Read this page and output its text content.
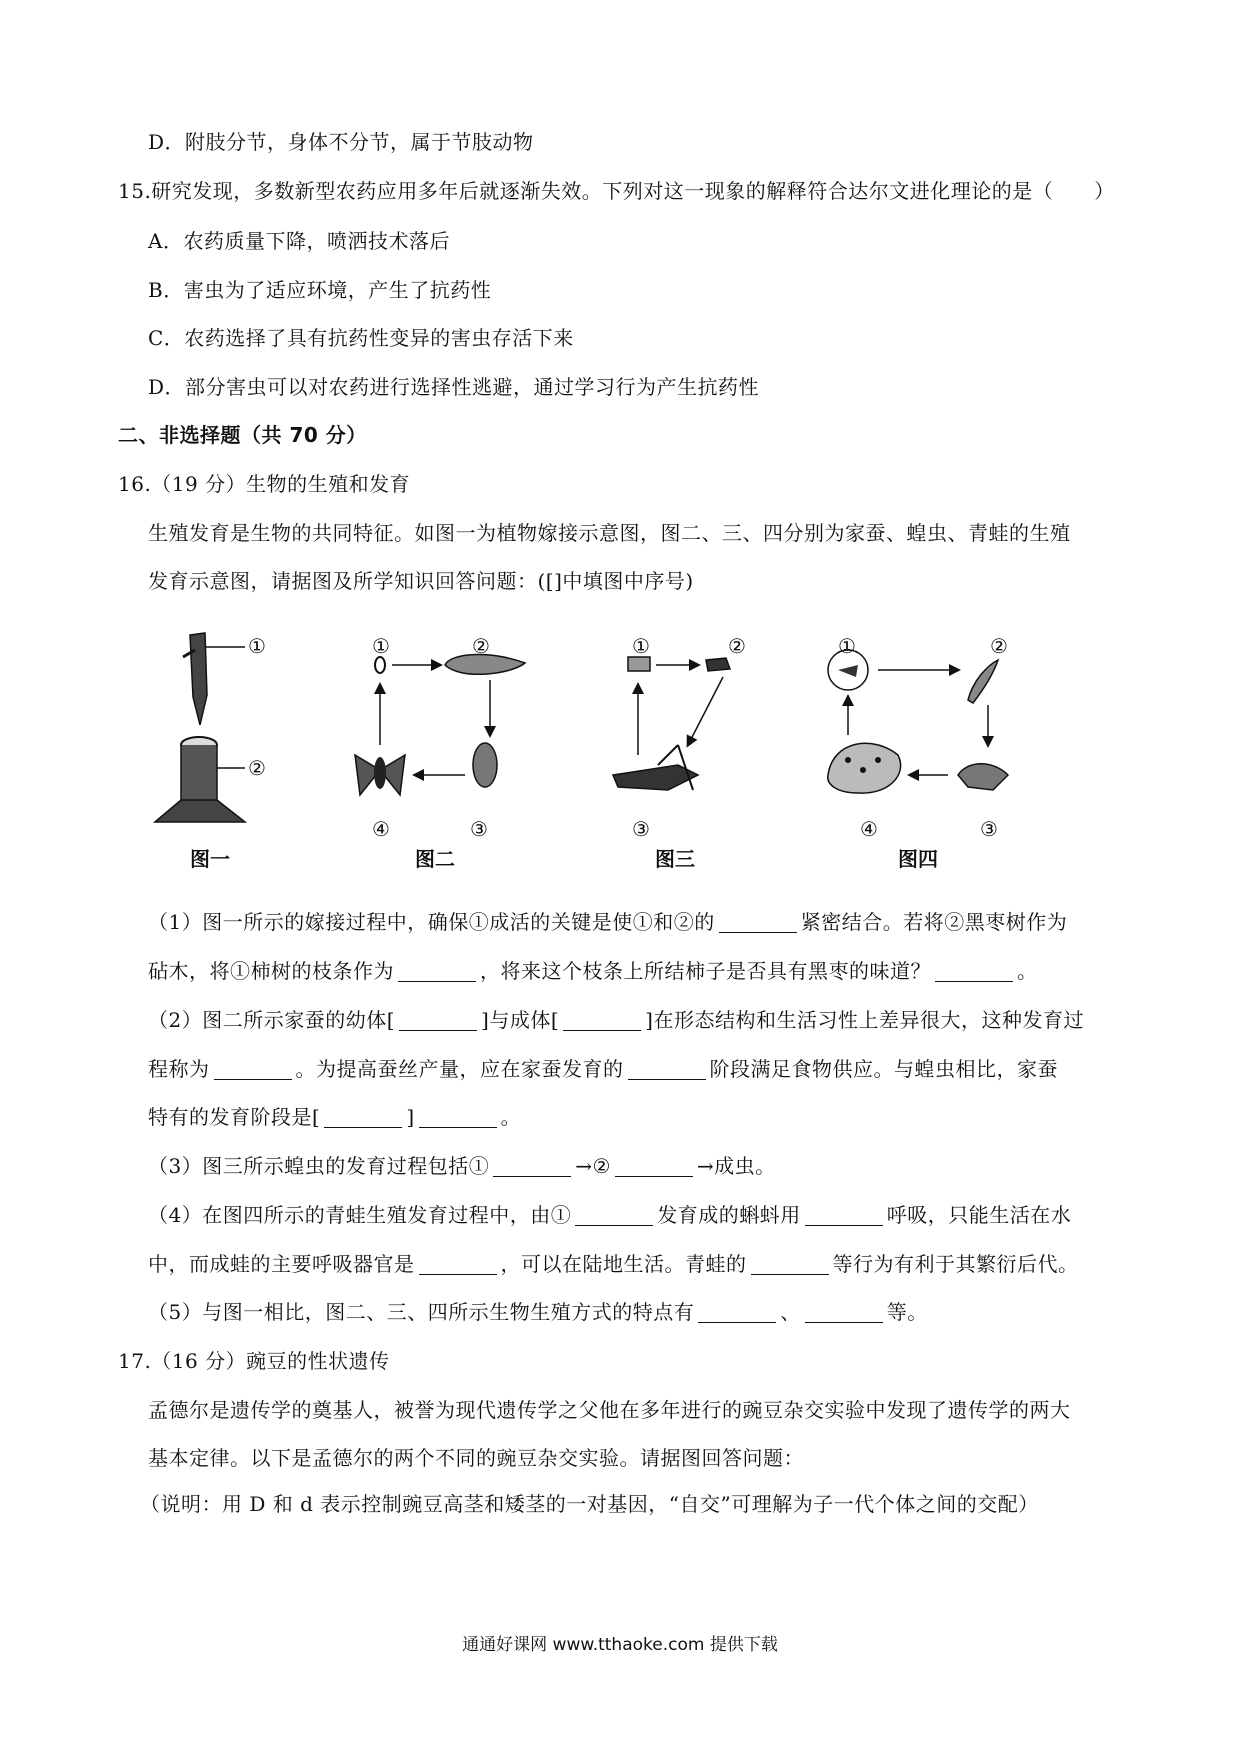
D．附肢分节，身体不分节，属于节肢动物
15.研究发现，多数新型农药应用多年后就逐渐失效。下列对这一现象的解释符合达尔文进化理论的是（　　）
A．农药质量下降，喷洒技术落后
B．害虫为了适应环境，产生了抗药性
C．农药选择了具有抗药性变异的害虫存活下来
D．部分害虫可以对农药进行选择性逃避，通过学习行为产生抗药性
二、非选择题（共 70 分）
16.（19 分）生物的生殖和发育
生殖发育是生物的共同特征。如图一为植物嫁接示意图，图二、三、四分别为家蚕、蝗虫、青蛙的生殖
发育示意图，请据图及所学知识回答问题：([]中填图中序号)
①
②
图一
①	②
③
④
图二
①	②
③
图三
①	②
③
④
图四
（1）图一所示的嫁接过程中，确保①成活的关键是使①和②的	紧密结合。若将②黑枣树作为
砧木，将①柿树的枝条作为	，将来这个枝条上所结柿子是否具有黑枣的味道？	。
（2）图二所示家蚕的幼体[	]与成体[	]在形态结构和生活习性上差异很大，这种发育过
程称为	。为提高蚕丝产量，应在家蚕发育的	阶段满足食物供应。与蝗虫相比，家蚕
特有的发育阶段是[	]	。
（3）图三所示蝗虫的发育过程包括①	→②	→成虫。
（4）在图四所示的青蛙生殖发育过程中，由①	发育成的蝌蚪用	呼吸，只能生活在水
中，而成蛙的主要呼吸器官是	，可以在陆地生活。青蛙的	等行为有利于其繁衍后代。
（5）与图一相比，图二、三、四所示生物生殖方式的特点有	、	等。
17.（16 分）豌豆的性状遗传
孟德尔是遗传学的奠基人，被誉为现代遗传学之父他在多年进行的豌豆杂交实验中发现了遗传学的两大
基本定律。以下是孟德尔的两个不同的豌豆杂交实验。请据图回答问题：
（说明：用 D 和 d 表示控制豌豆高茎和矮茎的一对基因，“自交”可理解为子一代个体之间的交配）
通通好课网 www.tthaoke.com 提供下载
